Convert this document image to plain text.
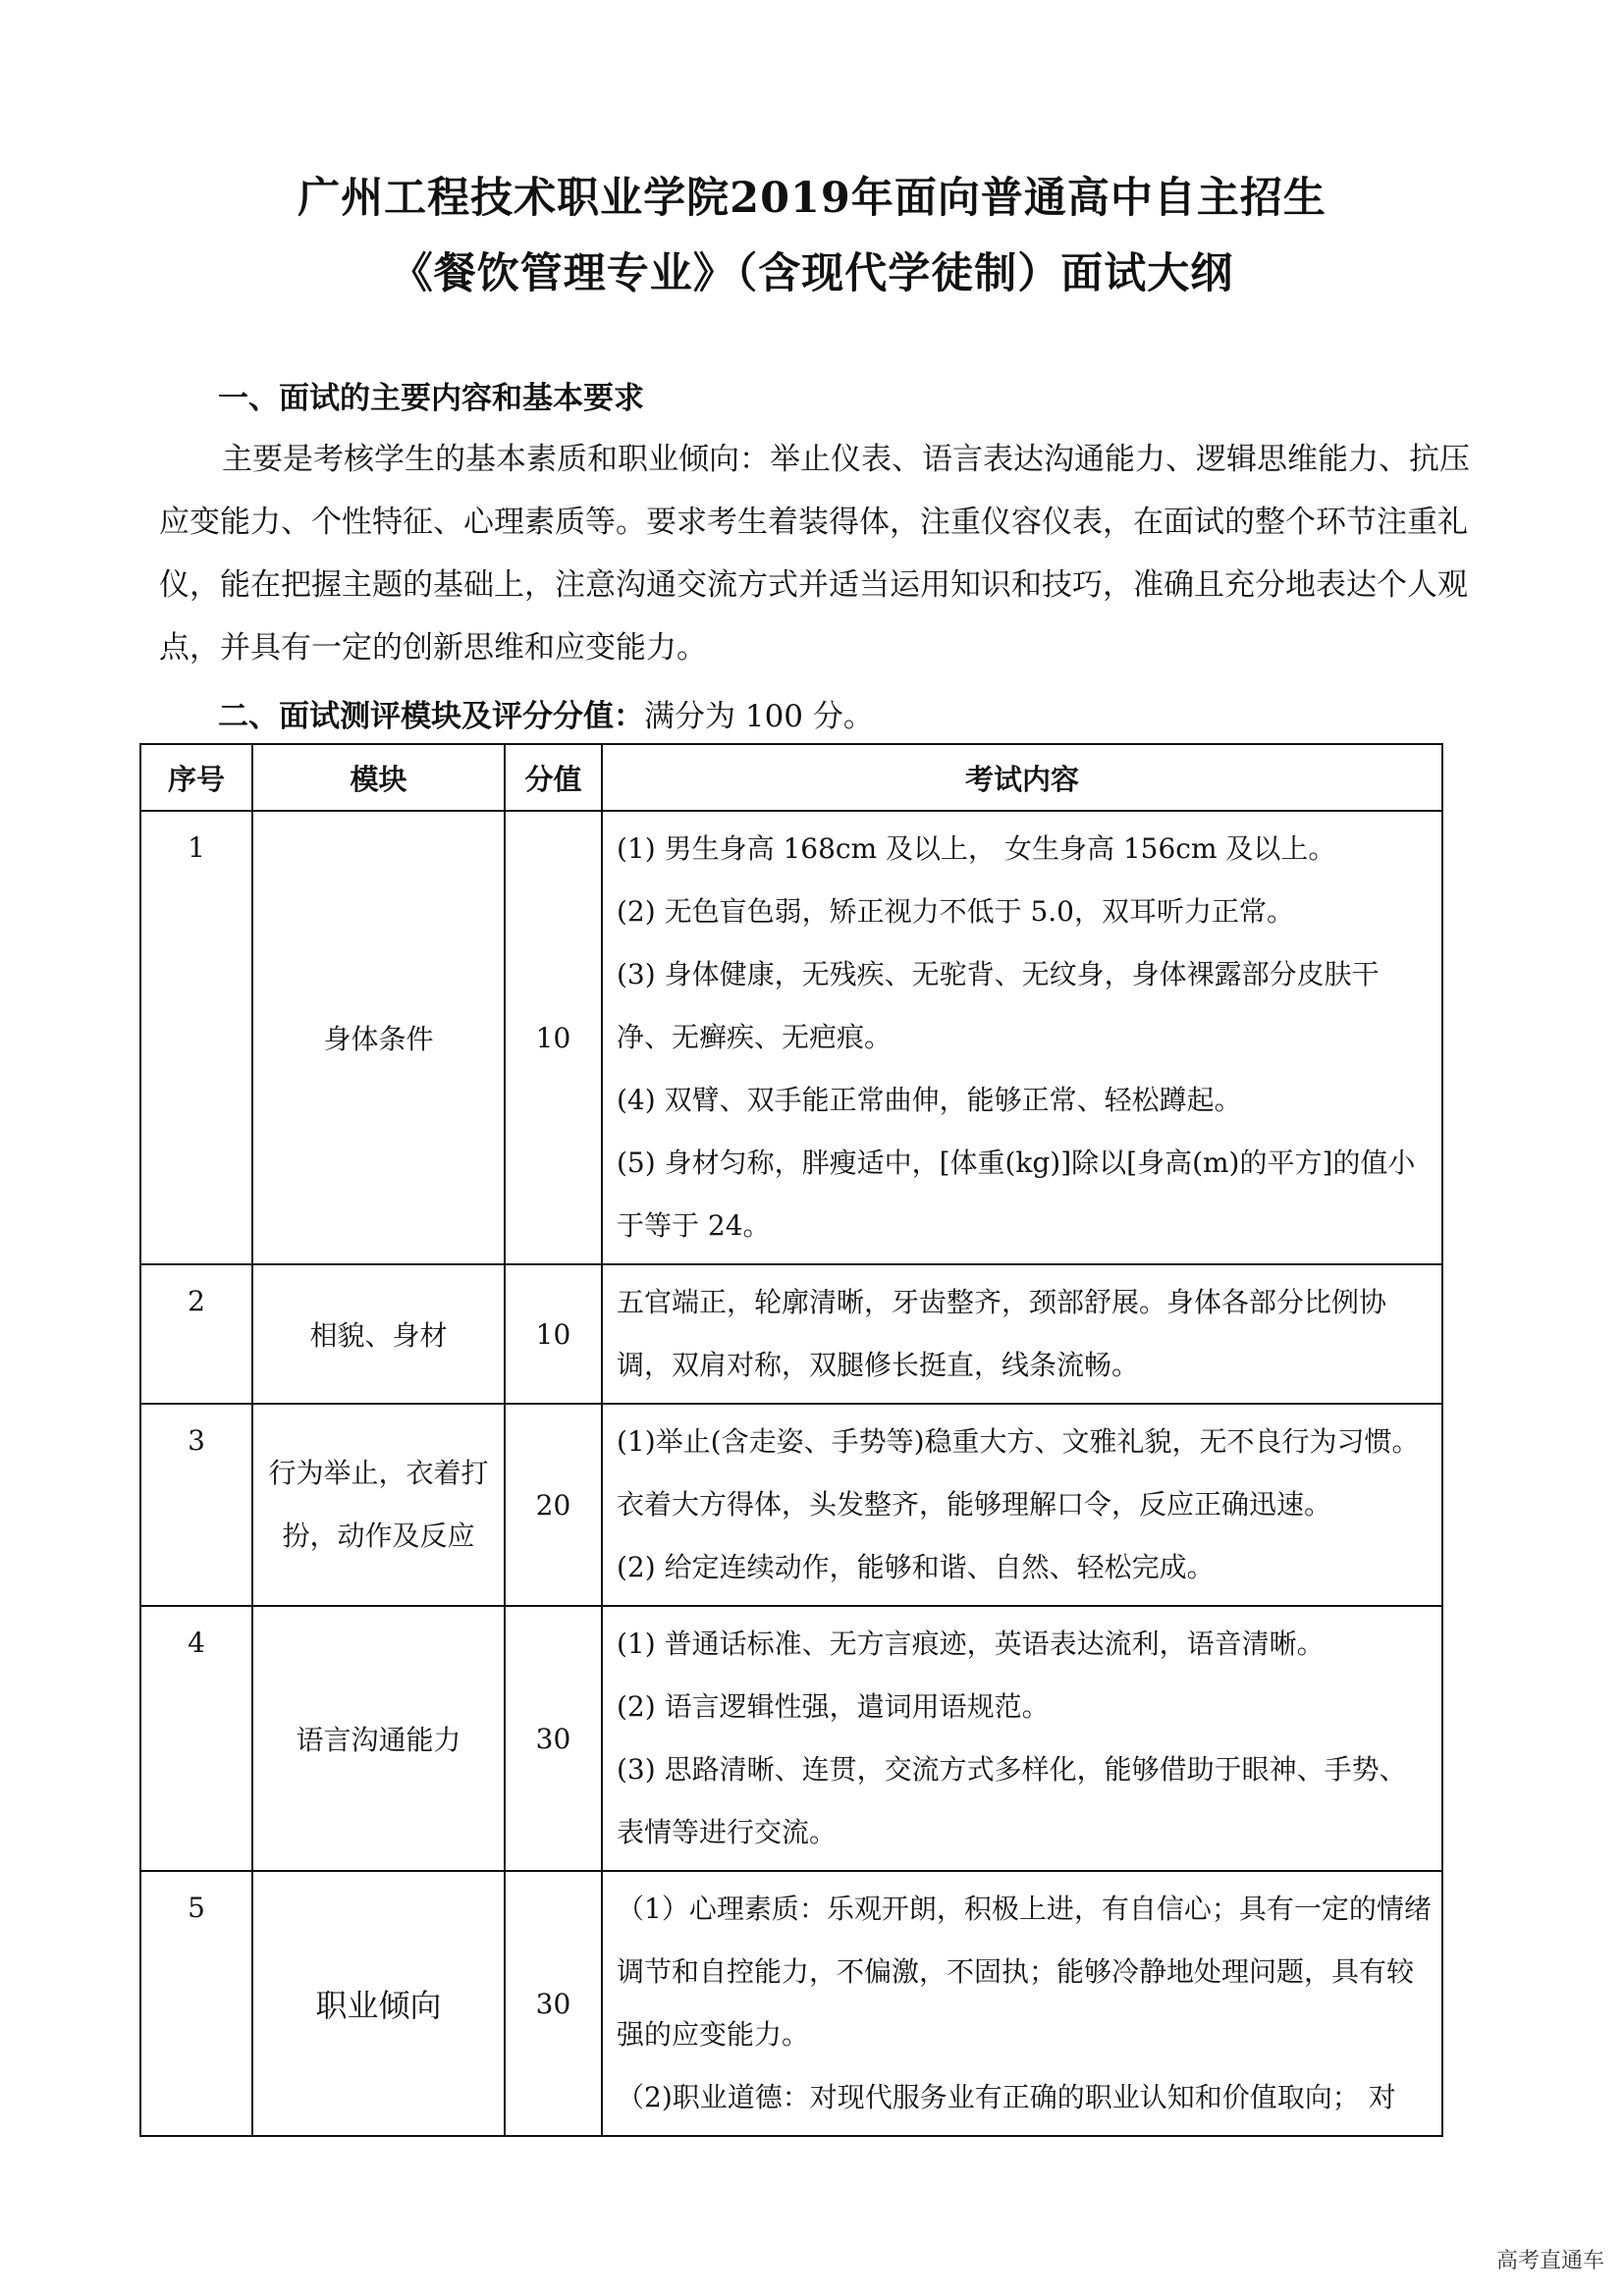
广州工程技术职业学院2019年面向普通高中自主招生
《餐饮管理专业》（含现代学徒制）面试大纲
一、面试的主要内容和基本要求
主要是考核学生的基本素质和职业倾向：举止仪表、语言表达沟通能力、逻辑思维能力、抗压应变能力、个性特征、心理素质等。要求考生着装得体，注重仪容仪表，在面试的整个环节注重礼仪，能在把握主题的基础上，注意沟通交流方式并适当运用知识和技巧，准确且充分地表达个人观点，并具有一定的创新思维和应变能力。
二、面试测评模块及评分分值：满分为 100 分。
序号	模块	分值	考试内容
1	身体条件	10	(1) 男生身高 168cm 及以上， 女生身高 156cm 及以上。
(2) 无色盲色弱，矫正视力不低于 5.0，双耳听力正常。
(3) 身体健康，无残疾、无驼背、无纹身，身体裸露部分皮肤干净、无癣疾、无疤痕。
(4) 双臂、双手能正常曲伸，能够正常、轻松蹲起。
(5) 身材匀称，胖瘦适中，[体重(kg)]除以[身高(m)的平方]的值小于等于 24。

2	相貌、身材	10	五官端正，轮廓清晰，牙齿整齐，颈部舒展。身体各部分比例协调，双肩对称，双腿修长挺直，线条流畅。

3	行为举止，衣着打扮，动作及反应	20	(1)举止(含走姿、手势等)稳重大方、文雅礼貌，无不良行为习惯。衣着大方得体，头发整齐，能够理解口令，反应正确迅速。
(2) 给定连续动作，能够和谐、自然、轻松完成。

4	语言沟通能力	30	(1) 普通话标准、无方言痕迹，英语表达流利，语音清晰。
(2) 语言逻辑性强，遣词用语规范。
(3) 思路清晰、连贯，交流方式多样化，能够借助于眼神、手势、表情等进行交流。

5	职业倾向	30	（1）心理素质：乐观开朗，积极上进，有自信心；具有一定的情绪调节和自控能力，不偏激，不固执；能够冷静地处理问题，具有较强的应变能力。
（2)职业道德：对现代服务业有正确的职业认知和价值取向； 对
高考直通车
